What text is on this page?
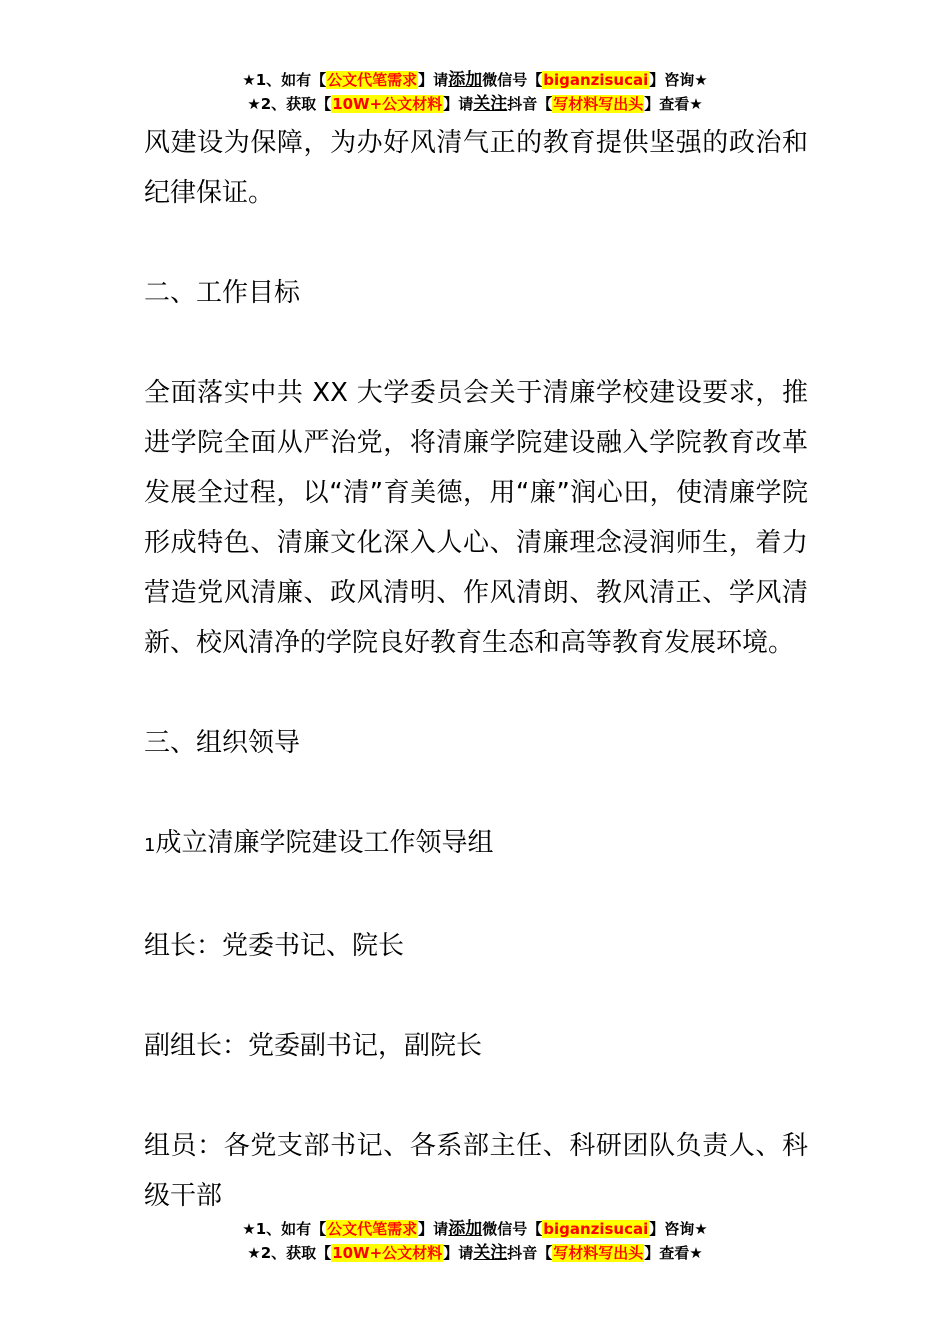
★1、如有【公文代笔需求】请添加微信号【biganzisucai】咨询★
★2、获取【10W+公文材料】请关注抖音【写材料写出头】查看★

风建设为保障，为办好风清气正的教育提供坚强的政治和纪律保证。

二、工作目标

全面落实中共 XX 大学委员会关于清廉学校建设要求，推进学院全面从严治党，将清廉学院建设融入学院教育改革发展全过程，以“清”育美德，用“廉”润心田，使清廉学院形成特色、清廉文化深入人心、清廉理念浸润师生，着力营造党风清廉、政风清明、作风清朗、教风清正、学风清新、校风清净的学院良好教育生态和高等教育发展环境。

三、组织领导

1成立清廉学院建设工作领导组

组长：党委书记、院长

副组长：党委副书记，副院长

组员：各党支部书记、各系部主任、科研团队负责人、科级干部

★1、如有【公文代笔需求】请添加微信号【biganzisucai】咨询★
★2、获取【10W+公文材料】请关注抖音【写材料写出头】查看★
